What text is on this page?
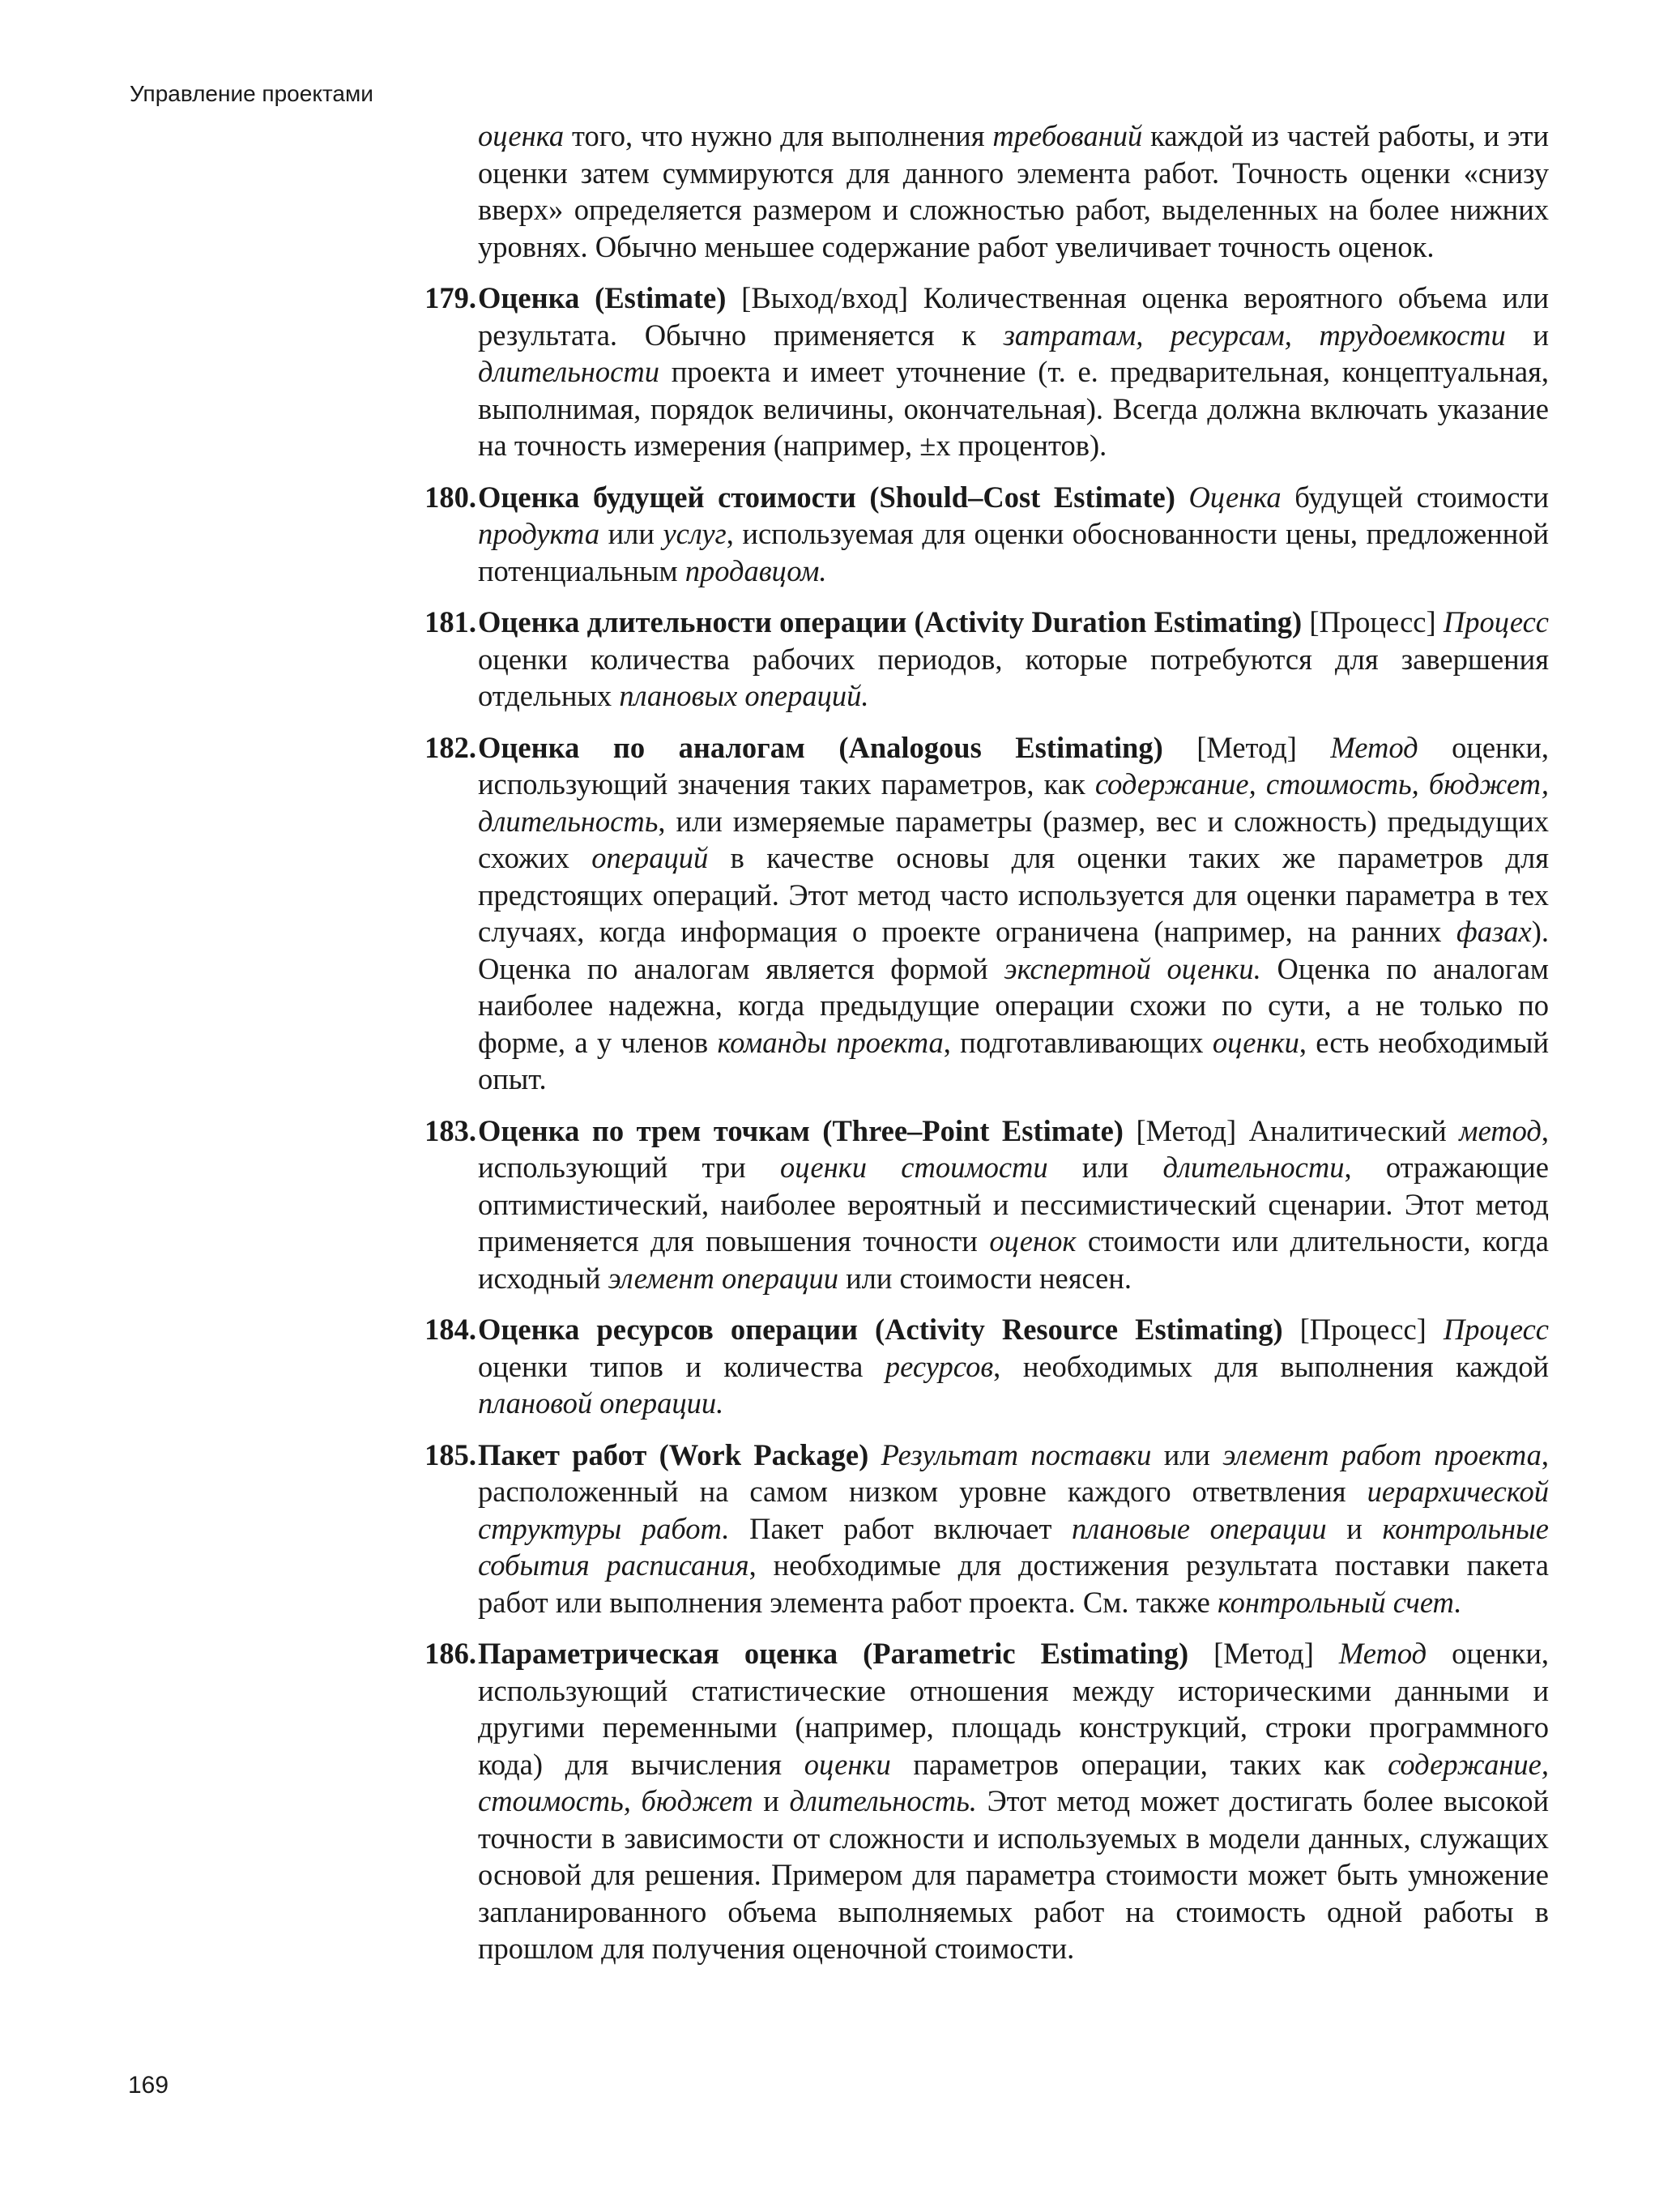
Управление проектами

оценка того, что нужно для выполнения требований каждой из частей работы, и эти оценки затем суммируются для данного элемента работ. Точность оценки «снизу вверх» определяется размером и сложностью работ, выделенных на более нижних уровнях. Обычно меньшее содержание работ увеличивает точность оценок.

179. Оценка (Estimate) [Выход/вход] Количественная оценка вероятного объема или результата. Обычно применяется к затратам, ресурсам, трудоемкости и длительности проекта и имеет уточнение (т. е. предварительная, концептуальная, выполнимая, порядок величины, окончательная). Всегда должна включать указание на точность измерения (например, ±x процентов).
180. Оценка будущей стоимости (Should–Cost Estimate) Оценка будущей стоимости продукта или услуг, используемая для оценки обоснованности цены, предложенной потенциальным продавцом.
181. Оценка длительности операции (Activity Duration Estimating) [Процесс] Процесс оценки количества рабочих периодов, которые потребуются для завершения отдельных плановых операций.
182. Оценка по аналогам (Analogous Estimating) [Метод] Метод оценки, использующий значения таких параметров, как содержание, стоимость, бюджет, длительность, или измеряемые параметры (размер, вес и сложность) предыдущих схожих операций в качестве основы для оценки таких же параметров для предстоящих операций. Этот метод часто используется для оценки параметра в тех случаях, когда информация о проекте ограничена (например, на ранних фазах). Оценка по аналогам является формой экспертной оценки. Оценка по аналогам наиболее надежна, когда предыдущие операции схожи по сути, а не только по форме, а у членов команды проекта, подготавливающих оценки, есть необходимый опыт.
183. Оценка по трем точкам (Three–Point Estimate) [Метод] Аналитический метод, использующий три оценки стоимости или длительности, отражающие оптимистический, наиболее вероятный и пессимистический сценарии. Этот метод применяется для повышения точности оценок стоимости или длительности, когда исходный элемент операции или стоимости неясен.
184. Оценка ресурсов операции (Activity Resource Estimating) [Процесс] Процесс оценки типов и количества ресурсов, необходимых для выполнения каждой плановой операции.
185. Пакет работ (Work Package) Результат поставки или элемент работ проекта, расположенный на самом низком уровне каждого ответвления иерархической структуры работ. Пакет работ включает плановые операции и контрольные события расписания, необходимые для достижения результата поставки пакета работ или выполнения элемента работ проекта. См. также контрольный счет.
186. Параметрическая оценка (Parametric Estimating) [Метод] Метод оценки, использующий статистические отношения между историческими данными и другими переменными (например, площадь конструкций, строки программного кода) для вычисления оценки параметров операции, таких как содержание, стоимость, бюджет и длительность. Этот метод может достигать более высокой точности в зависимости от сложности и используемых в модели данных, служащих основой для решения. Примером для параметра стоимости может быть умножение запланированного объема выполняемых работ на стоимость одной работы в прошлом для получения оценочной стоимости.
169
